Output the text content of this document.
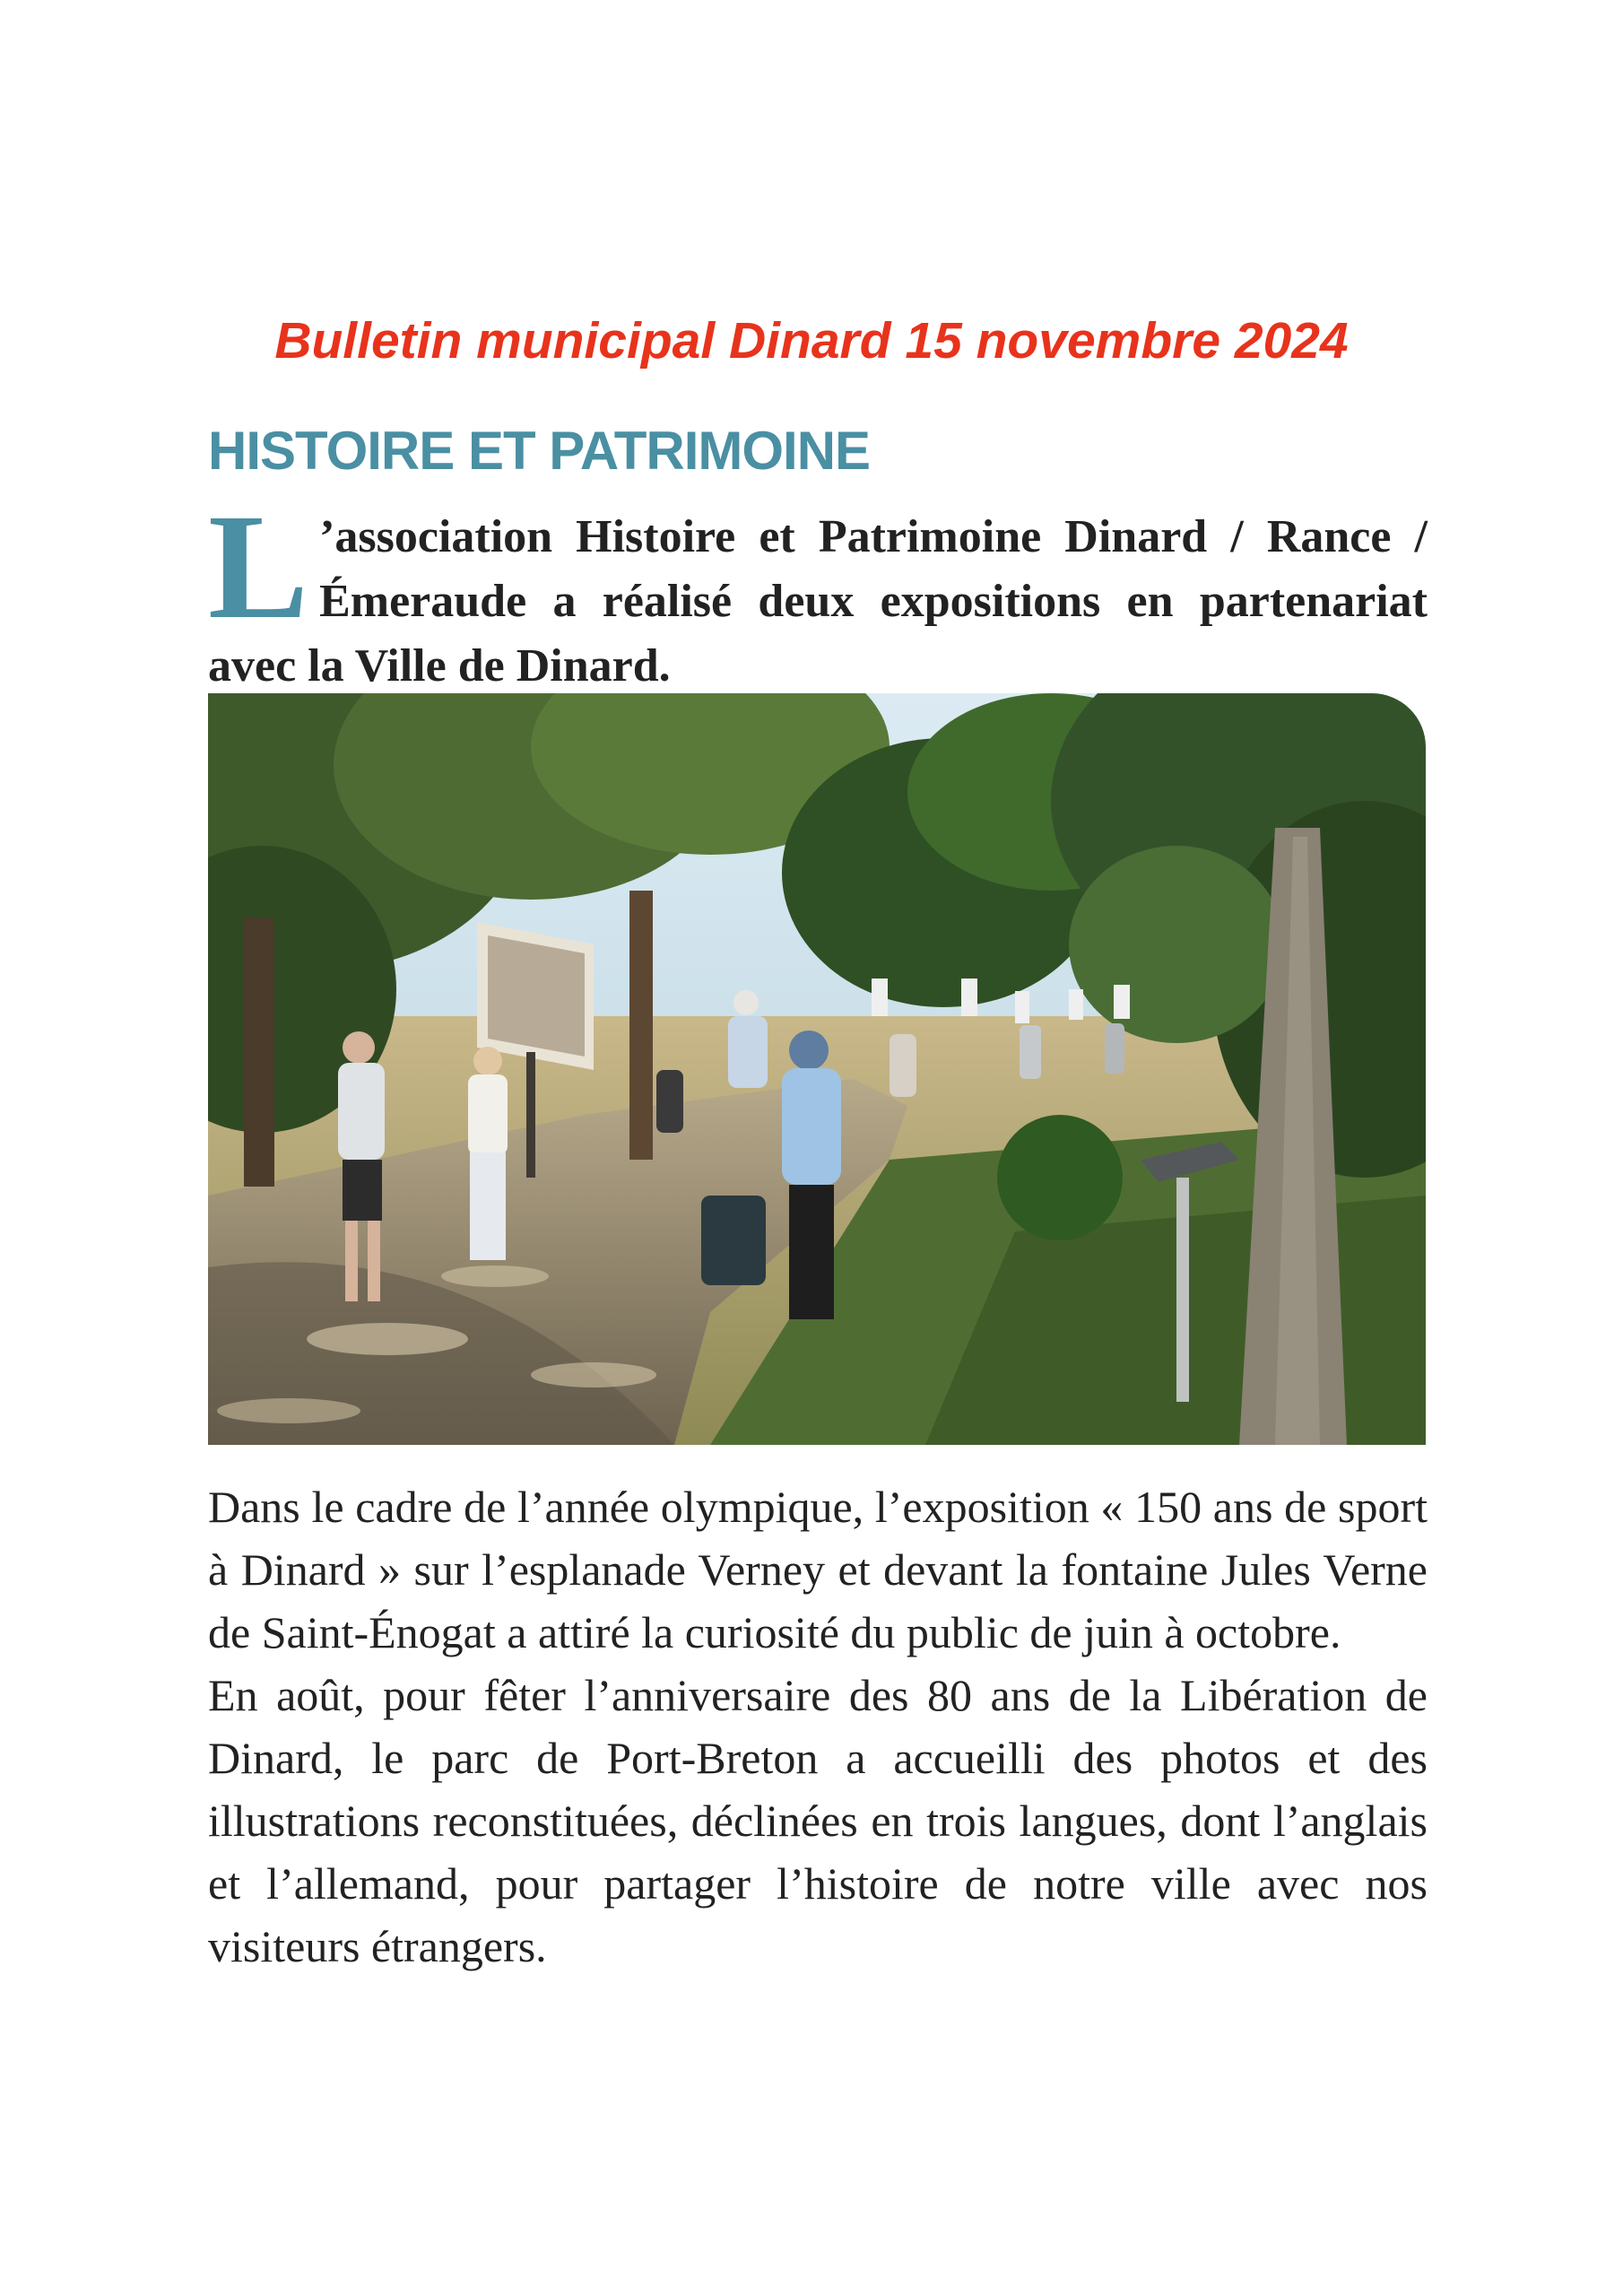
Bulletin municipal Dinard 15 novembre 2024
HISTOIRE ET PATRIMOINE
L ’association Histoire et Patrimoine Dinard / Rance / Émeraude a réalisé deux expositions en partenariat avec la Ville de Dinard.

Dans le cadre de l’année olympique, l’exposition « 150 ans de sport à Dinard » sur l’esplanade Verney et devant la fontaine Jules Verne de Saint-Énogat a attiré la curiosité du public de juin à octobre.

En août, pour fêter l’anniversaire des 80 ans de la Libération de Dinard, le parc de Port-Breton a accueilli des photos et des illustrations reconstituées, déclinées en trois langues, dont l’anglais et l’allemand, pour partager l’histoire de notre ville avec nos visiteurs étrangers.
